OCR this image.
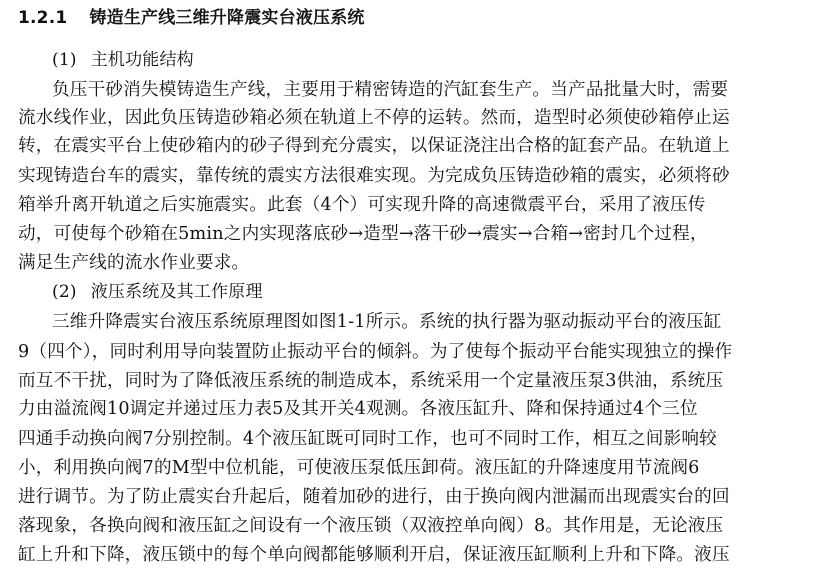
1.2.1 铸造生产线三维升降震实台液压系统
(1) 主机功能结构
负压干砂消失模铸造生产线，主要用于精密铸造的汽缸套生产。当产品批量大时，需要
流水线作业，因此负压铸造砂箱必须在轨道上不停的运转。然而，造型时必须使砂箱停止运
转，在震实平台上使砂箱内的砂子得到充分震实，以保证浇注出合格的缸套产品。在轨道上
实现铸造台车的震实，靠传统的震实方法很难实现。为完成负压铸造砂箱的震实，必须将砂
箱举升离开轨道之后实施震实。此套（4个）可实现升降的高速微震平台，采用了液压传
动，可使每个砂箱在5min之内实现落底砂→造型→落干砂→震实→合箱→密封几个过程，
满足生产线的流水作业要求。
(2) 液压系统及其工作原理
三维升降震实台液压系统原理图如图1-1所示。系统的执行器为驱动振动平台的液压缸
9（四个），同时利用导向装置防止振动平台的倾斜。为了使每个振动平台能实现独立的操作
而互不干扰，同时为了降低液压系统的制造成本，系统采用一个定量液压泵3供油，系统压
力由溢流阀10调定并递过压力表5及其开关4观测。各液压缸升、降和保持通过4个三位
四通手动换向阀7分别控制。4个液压缸既可同时工作，也可不同时工作，相互之间影响较
小，利用换向阀7的M型中位机能，可使液压泵低压卸荷。液压缸的升降速度用节流阀6
进行调节。为了防止震实台升起后，随着加砂的进行，由于换向阀内泄漏而出现震实台的回
落现象，各换向阀和液压缸之间设有一个液压锁（双液控单向阀）8。其作用是，无论液压
缸上升和下降，液压锁中的每个单向阀都能够顺利开启，保证液压缸顺利上升和下降。液压
